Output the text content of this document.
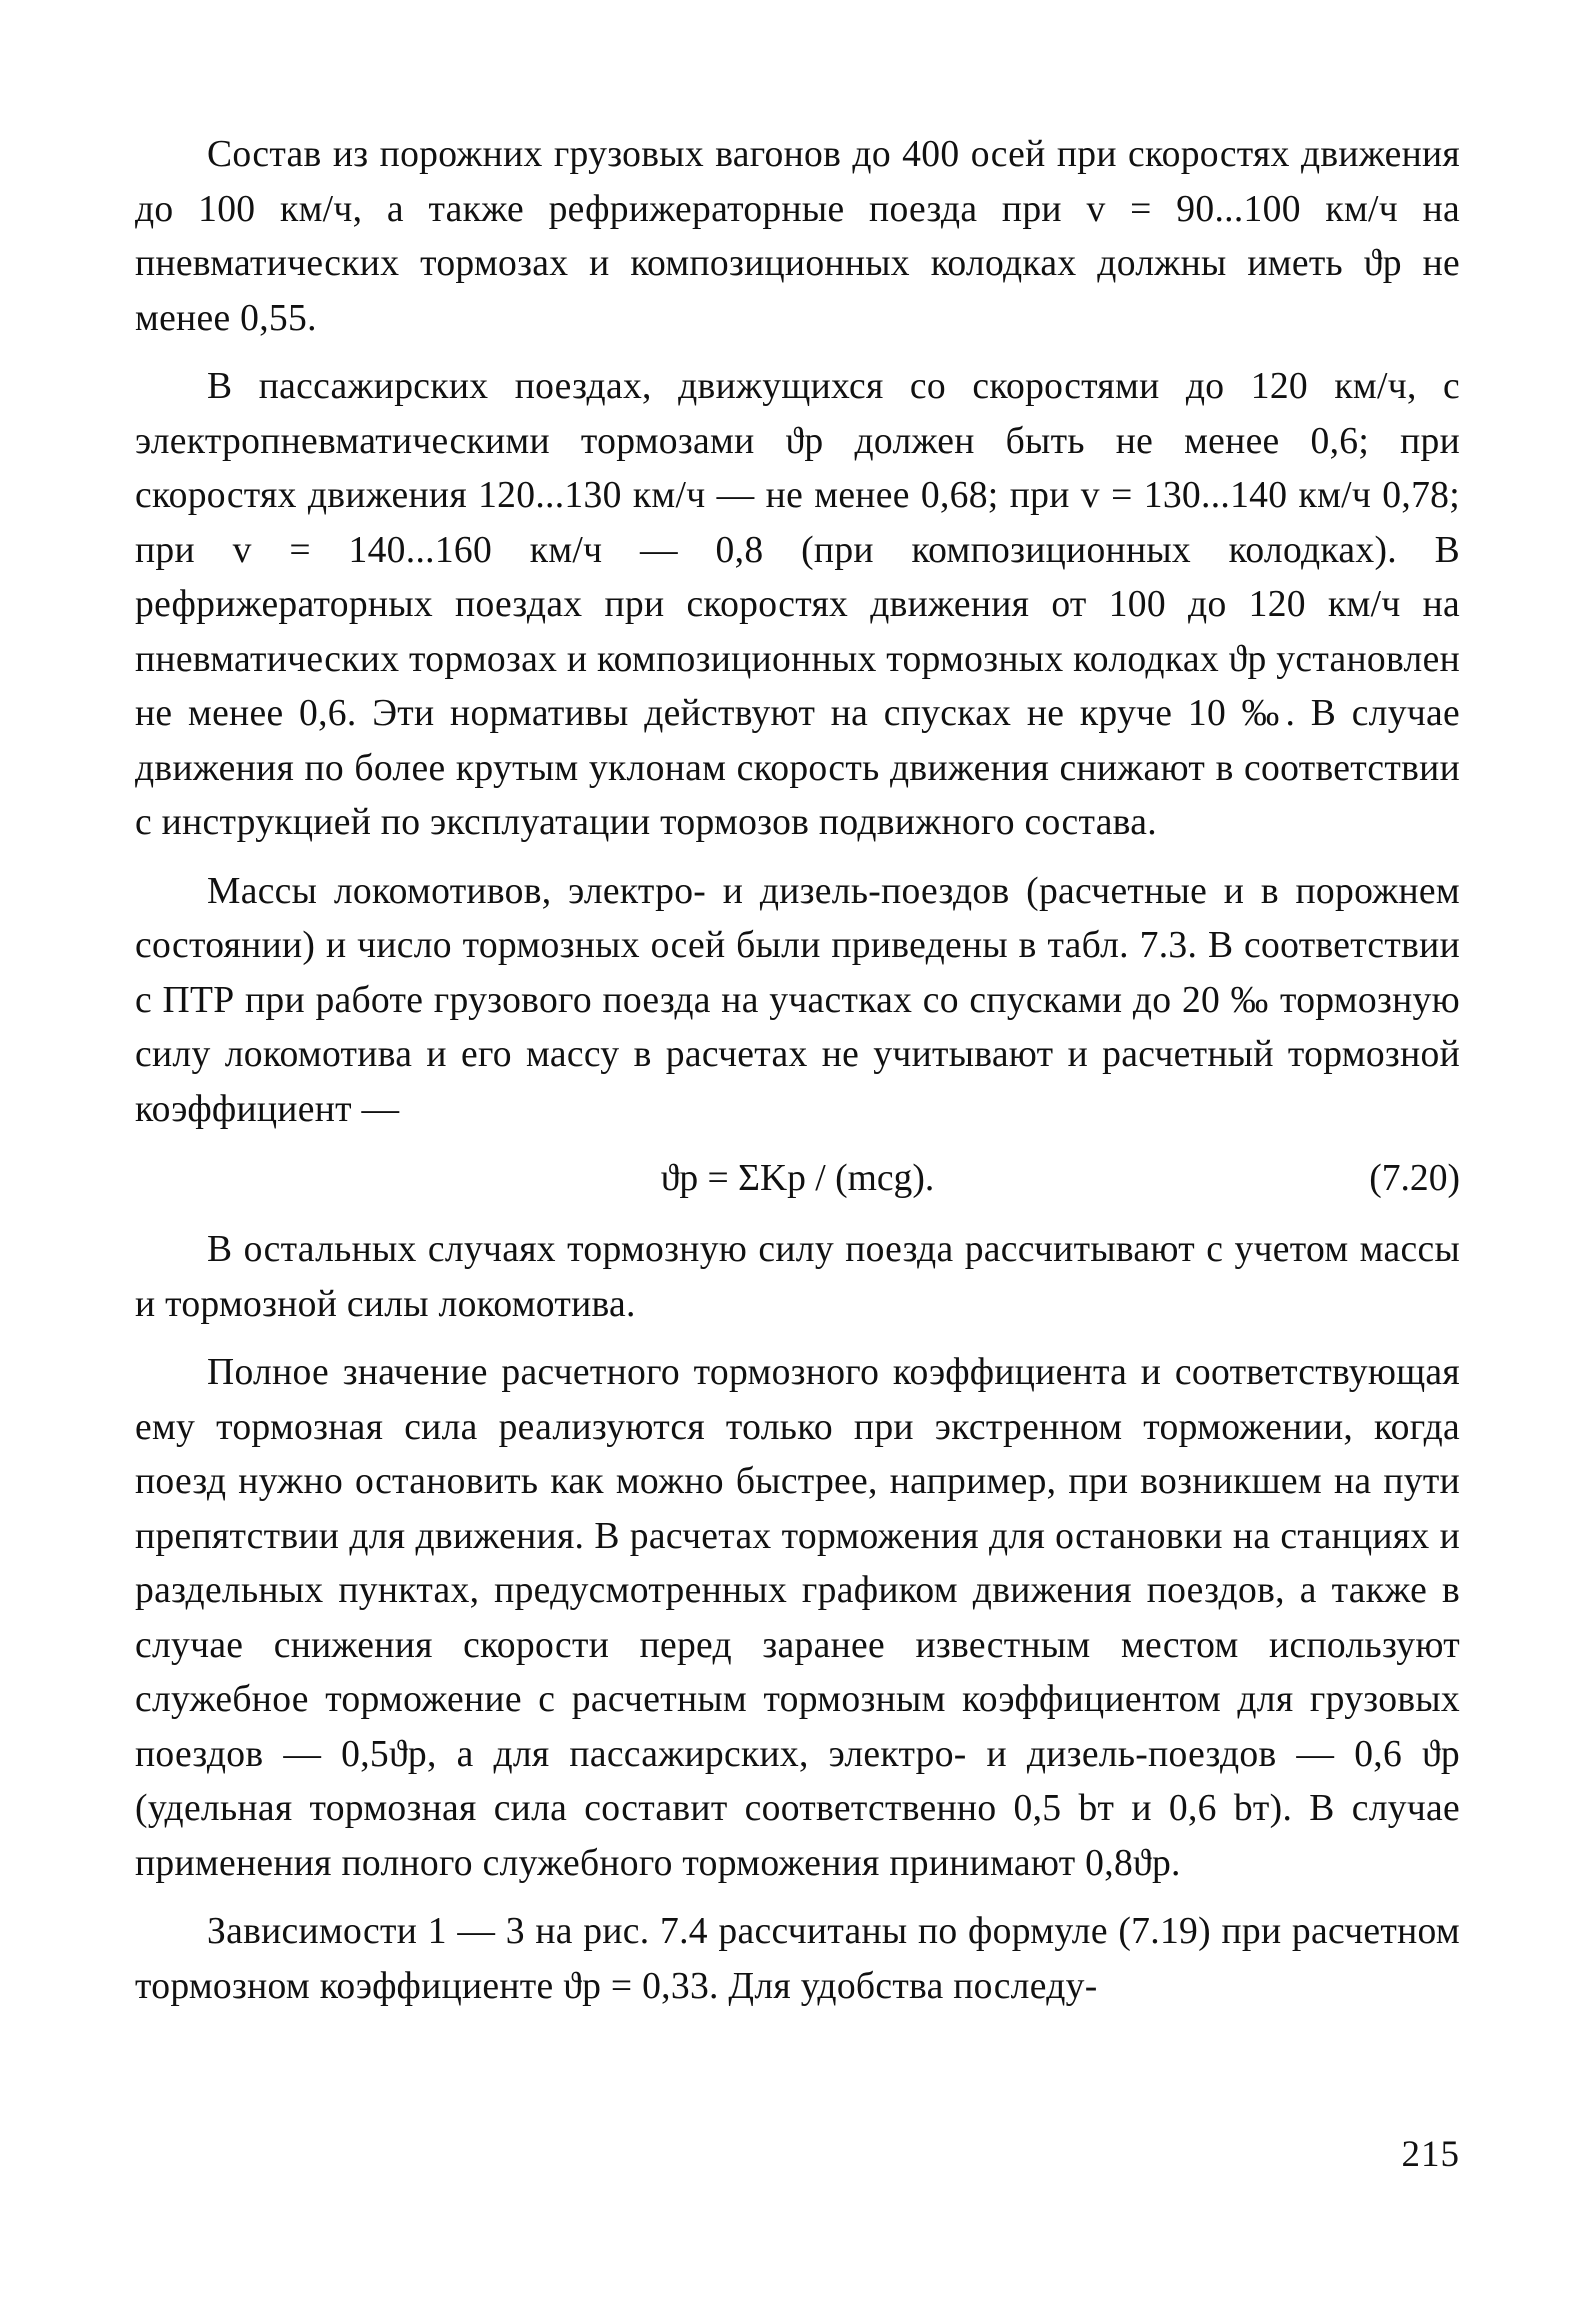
Состав из порожних грузовых вагонов до 400 осей при скоростях движения до 100 км/ч, а также рефрижераторные поезда при v = 90...100 км/ч на пневматических тормозах и композиционных колодках должны иметь ϑр не менее 0,55.

В пассажирских поездах, движущихся со скоростями до 120 км/ч, с электропневматическими тормозами ϑр должен быть не менее 0,6; при скоростях движения 120...130 км/ч — не менее 0,68; при v = 130...140 км/ч 0,78; при v = 140...160 км/ч — 0,8 (при композиционных колодках). В рефрижераторных поездах при скоростях движения от 100 до 120 км/ч на пневматических тормозах и композиционных тормозных колодках ϑр установлен не менее 0,6. Эти нормативы действуют на спусках не круче 10 ‰. В случае движения по более крутым уклонам скорость движения снижают в соответствии с инструкцией по эксплуатации тормозов подвижного состава.

Массы локомотивов, электро- и дизель-поездов (расчетные и в порожнем состоянии) и число тормозных осей были приведены в табл. 7.3. В соответствии с ПТР при работе грузового поезда на участках со спусками до 20 ‰ тормозную силу локомотива и его массу в расчетах не учитывают и расчетный тормозной коэффициент —

ϑр = ΣKр / (mсg).	(7.20)

В остальных случаях тормозную силу поезда рассчитывают с учетом массы и тормозной силы локомотива.

Полное значение расчетного тормозного коэффициента и соответствующая ему тормозная сила реализуются только при экстренном торможении, когда поезд нужно остановить как можно быстрее, например, при возникшем на пути препятствии для движения. В расчетах торможения для остановки на станциях и раздельных пунктах, предусмотренных графиком движения поездов, а также в случае снижения скорости перед заранее известным местом используют служебное торможение с расчетным тормозным коэффициентом для грузовых поездов — 0,5ϑр, а для пассажирских, электро- и дизель-поездов — 0,6 ϑр (удельная тормозная сила составит соответственно 0,5 bт и 0,6 bт). В случае применения полного служебного торможения принимают 0,8ϑр.

Зависимости 1 — 3 на рис. 7.4 рассчитаны по формуле (7.19) при расчетном тормозном коэффициенте ϑр = 0,33. Для удобства последу-

215
